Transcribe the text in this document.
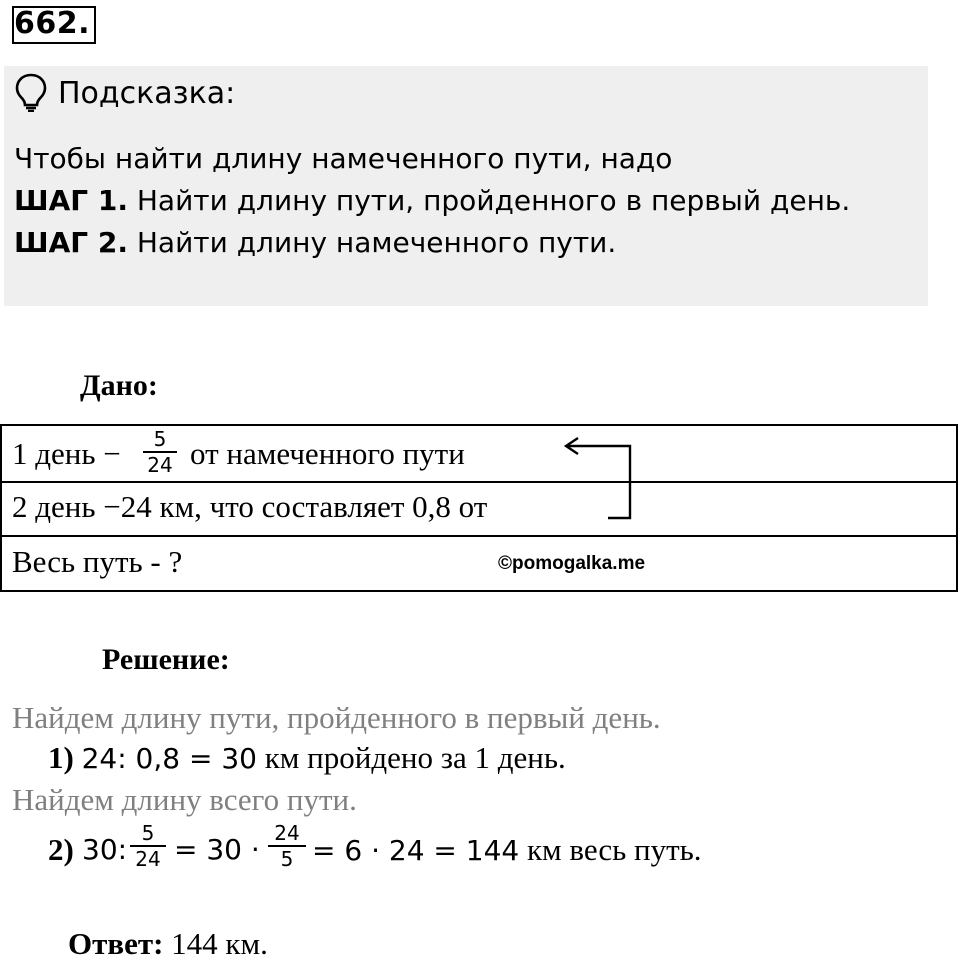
662.
Подсказка:
Чтобы найти длину намеченного пути, надо
ШАГ 1. Найти длину пути, пройденного в первый день.
ШАГ 2. Найти длину намеченного пути.
Дано:
1 день −	5
24 от намеченного пути
2 день −24 км, что составляет 0,8 от
Весь путь - ?	©pomogalka.me
Решение:
Найдем длину пути, пройденного в первый день.
1) 24: 0,8 = 30 км пройдено за 1 день.
Найдем длину всего пути.
2) 30: 5
24 = 30 · 24
5 = 6 · 24 = 144 км весь путь.
Ответ: 144 км.
